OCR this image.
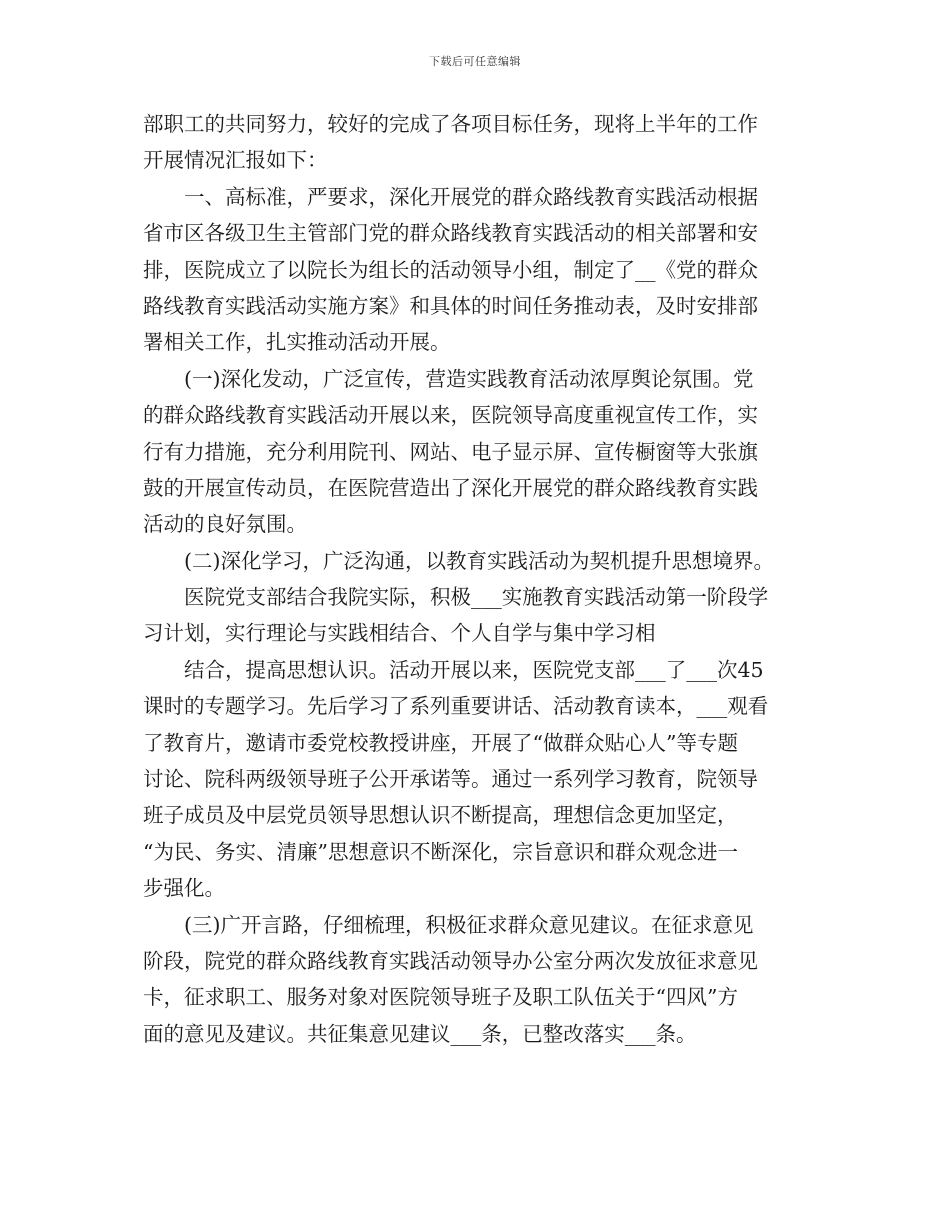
下载后可任意编辑
部职工的共同努力，较好的完成了各项目标任务，现将上半年的工作
开展情况汇报如下：
一、高标准，严要求，深化开展党的群众路线教育实践活动根据
省市区各级卫生主管部门党的群众路线教育实践活动的相关部署和安
排，医院成立了以院长为组长的活动领导小组，制定了__《党的群众
路线教育实践活动实施方案》和具体的时间任务推动表，及时安排部
署相关工作，扎实推动活动开展。
(一)深化发动，广泛宣传，营造实践教育活动浓厚舆论氛围。党
的群众路线教育实践活动开展以来，医院领导高度重视宣传工作，实
行有力措施，充分利用院刊、网站、电子显示屏、宣传橱窗等大张旗
鼓的开展宣传动员，在医院营造出了深化开展党的群众路线教育实践
活动的良好氛围。
(二)深化学习，广泛沟通，以教育实践活动为契机提升思想境界。
医院党支部结合我院实际，积极___实施教育实践活动第一阶段学
习计划，实行理论与实践相结合、个人自学与集中学习相
结合，提高思想认识。活动开展以来，医院党支部___了___次45
课时的专题学习。先后学习了系列重要讲话、活动教育读本，___观看
了教育片，邀请市委党校教授讲座，开展了“做群众贴心人”等专题
讨论、院科两级领导班子公开承诺等。通过一系列学习教育，院领导
班子成员及中层党员领导思想认识不断提高，理想信念更加坚定，
“为民、务实、清廉”思想意识不断深化，宗旨意识和群众观念进一
步强化。
(三)广开言路，仔细梳理，积极征求群众意见建议。在征求意见
阶段，院党的群众路线教育实践活动领导办公室分两次发放征求意见
卡，征求职工、服务对象对医院领导班子及职工队伍关于“四风”方
面的意见及建议。共征集意见建议___条，已整改落实___条。
